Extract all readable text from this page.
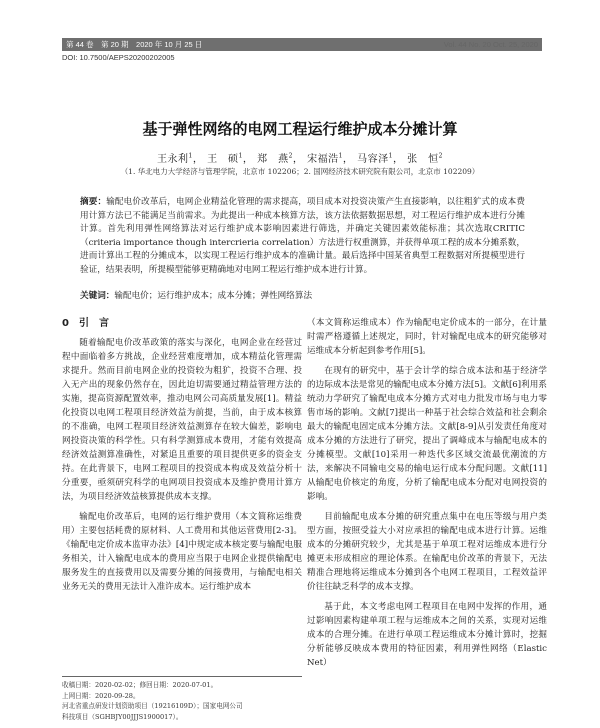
第 44 卷　第 20 期　2020 年 10 月 25 日	Vol. 44 No. 20 Oct. 25, 2020
DOI: 10.7500/AEPS20200202005
基于弹性网络的电网工程运行维护成本分摊计算
王永利$^1$， 王　硕$^1$， 郑　燕$^2$， 宋福浩$^1$， 马容泽$^1$， 张　恒$^2$
（1. 华北电力大学经济与管理学院，北京市 102206；2. 国网经济技术研究院有限公司，北京市 102209）
摘要：输配电价改革后，电网企业精益化管理的需求提高，项目成本对投资决策产生直接影响，以往粗犷式的成本费用计算方法已不能满足当前需求。为此提出一种成本核算方法，该方法依据数据思想，对工程运行维护成本进行分摊计算。首先利用弹性网络算法对运行维护成本影响因素进行筛选，并确定关键因素效能标准；其次选取CRITIC（criteria importance though intercrieria correlation）方法进行权重测算，并获得单项工程的成本分摊系数，进而计算出工程的分摊成本，以实现工程运行维护成本的准确计量。最后选择中国某省典型工程数据对所提模型进行验证，结果表明，所提模型能够更精确地对电网工程运行维护成本进行计算。
关键词：输配电价；运行维护成本；成本分摊；弹性网络算法
0　引　言

随着输配电价改革政策的落实与深化，电网企业在经营过程中面临着多方挑战，企业经营难度增加，成本精益化管理需求提升。然而目前电网企业的投资较为粗犷，投资不合理、投入无产出的现象仍然存在，因此迫切需要通过精益管理方法的实施，提高资源配置效率，推动电网公司高质量发展[1]。精益化投资以电网工程项目经济效益为前提，当前，由于成本核算的不准确，电网工程项目经济效益测算存在较大偏差，影响电网投资决策的科学性。只有科学测算成本费用，才能有效提高经济效益测算准确性，对紧追且重要的项目提供更多的资金支持。在此背景下，电网工程项目的投资成本构成及效益分析十分重要，亟须研究科学的电网项目投资成本及维护费用计算方法，为项目经济效益核算提供成本支撑。

输配电价改革后，电网的运行维护费用（本文简称运维费用）主要包括耗费的原材料、人工费用和其他运营费用[2-3]。《输配电定价成本监审办法》[4]中规定成本核定要与输配电服务相关，计入输配电成本的费用应当限于电网企业提供输配电服务发生的直接费用以及需要分摊的间接费用，与输配电相关业务无关的费用无法计入准许成本。运行维护成本

（本文简称运维成本）作为输配电定价成本的一部分，在计量时需严格遵循上述规定，同时，针对输配电成本的研究能够对运维成本分析起到参考作用[5]。

在现有的研究中，基于会计学的综合成本法和基于经济学的边际成本法是常见的输配电成本分摊方法[5]。文献[6]利用系统动力学研究了输配电成本分摊方式对电力批发市场与电力零售市场的影响。文献[7]提出一种基于社会综合效益和社会剩余最大的输配电固定成本分摊方法。文献[8-9]从引发责任角度对成本分摊的方法进行了研究，提出了调峰成本与输配电成本的分摊模型。文献[10]采用一种迭代多区域交流最优潮流的方法，来解决不同输电交易的输电运行成本分配问题。文献[11]从输配电价核定的角度，分析了输配电成本分配对电网投资的影响。

目前输配电成本分摊的研究重点集中在电压等级与用户类型方面，按照受益大小对应承担的输配电成本进行计算。运维成本的分摊研究较少，尤其是基于单项工程对运维成本进行分摊更未形成相应的理论体系。在输配电价改革的背景下，无法精准合理地将运维成本分摊到各个电网工程项目，工程效益评价往往缺乏科学的成本支撑。

基于此，本文考虑电网工程项目在电网中发挥的作用，通过影响因素构建单项工程与运维成本之间的关系，实现对运维成本的合理分摊。在进行单项工程运维成本分摊计算时，挖掘分析能够反映成本费用的特征因素，利用弹性网络（Elastic Net）

收稿日期：2020-02-02；修回日期：2020-07-01。
上网日期：2020-09-28。
河北省重点研发计划资助项目（19216109D）；国家电网公司
科技项目（SGHBJY00JJJS1900017）。
